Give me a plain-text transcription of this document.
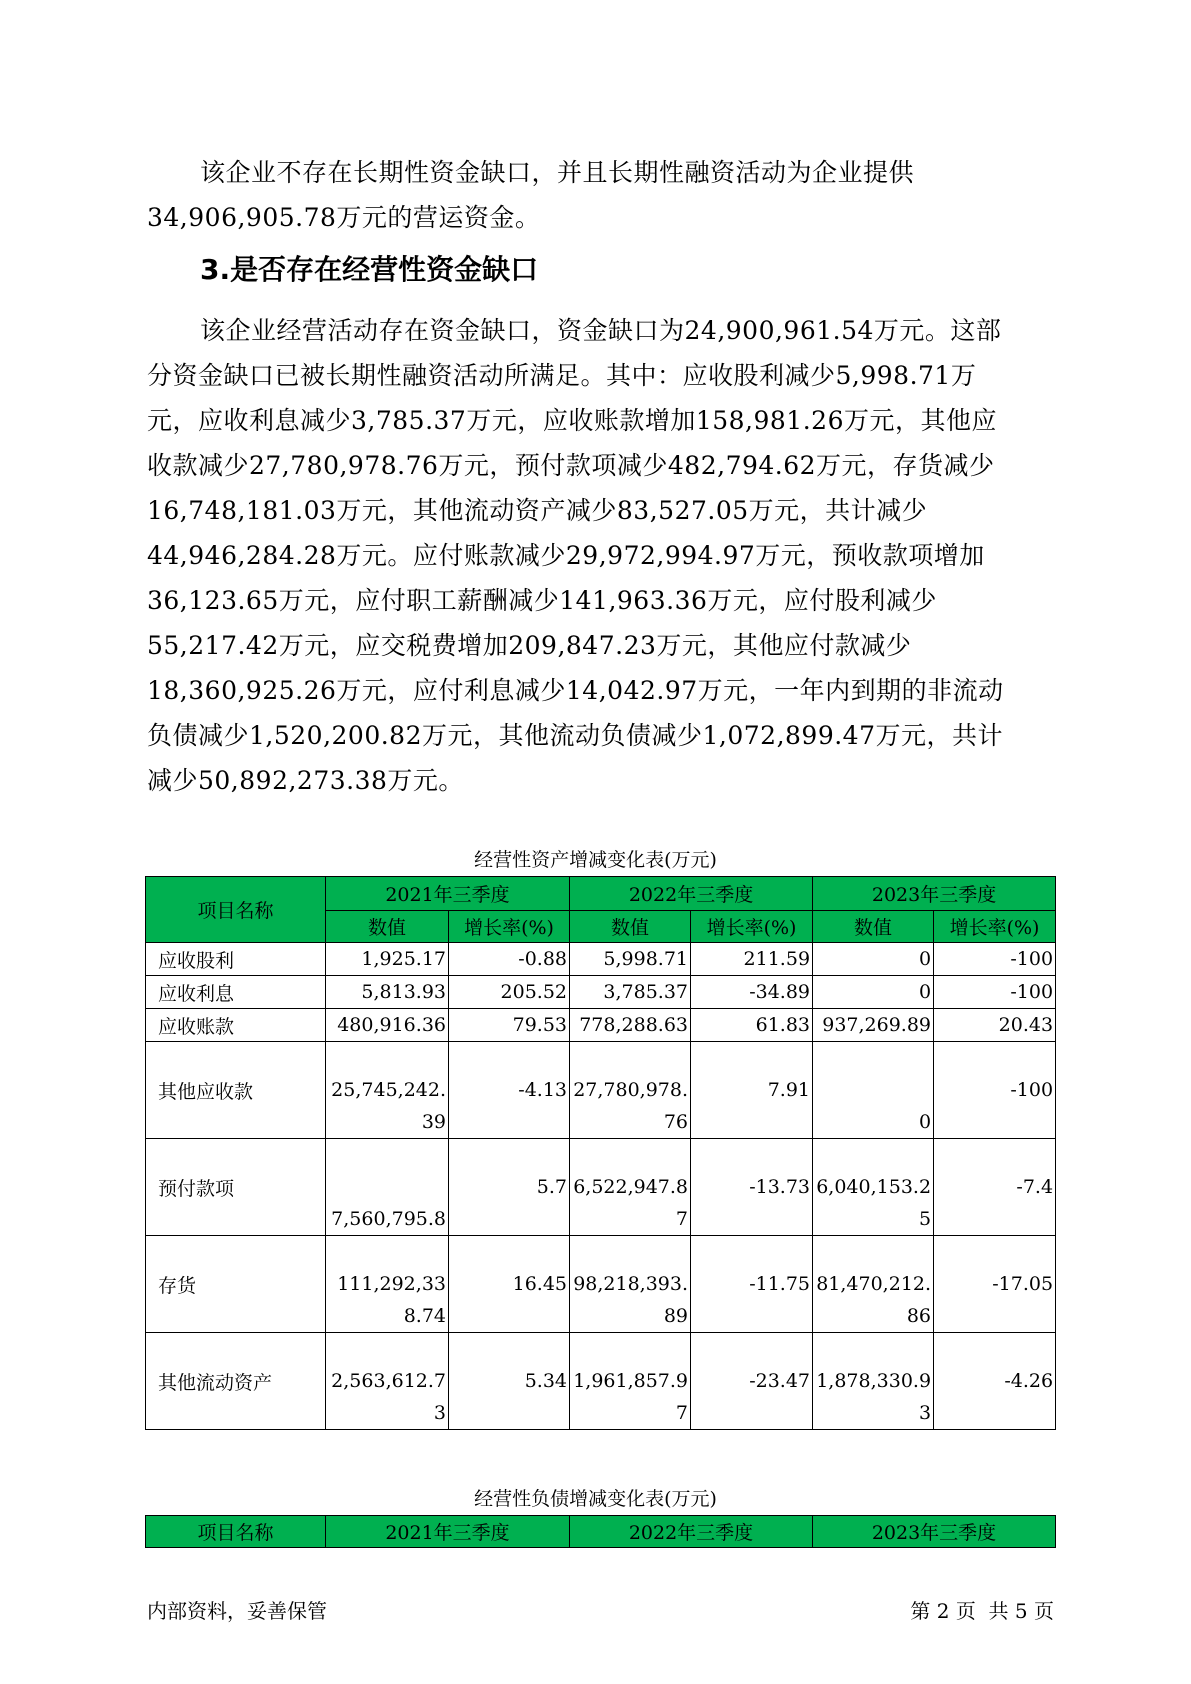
该企业不存在长期性资金缺口，并且长期性融资活动为企业提供
34,906,905.78万元的营运资金。

3.是否存在经营性资金缺口

该企业经营活动存在资金缺口，资金缺口为24,900,961.54万元。这部
分资金缺口已被长期性融资活动所满足。其中：应收股利减少5,998.71万
元，应收利息减少3,785.37万元，应收账款增加158,981.26万元，其他应
收款减少27,780,978.76万元，预付款项减少482,794.62万元，存货减少
16,748,181.03万元，其他流动资产减少83,527.05万元，共计减少
44,946,284.28万元。应付账款减少29,972,994.97万元，预收款项增加
36,123.65万元，应付职工薪酬减少141,963.36万元，应付股利减少
55,217.42万元，应交税费增加209,847.23万元，其他应付款减少
18,360,925.26万元，应付利息减少14,042.97万元，一年内到期的非流动
负债减少1,520,200.82万元，其他流动负债减少1,072,899.47万元，共计
减少50,892,273.38万元。

经营性资产增减变化表(万元)

项目名称	2021年三季度		2022年三季度		2023年三季度	
	数值	增长率(%)	数值	增长率(%)	数值	增长率(%)
应收股利	1,925.17	-0.88	5,998.71	211.59	0	-100
应收利息	5,813.93	205.52	3,785.37	-34.89	0	-100
应收账款	480,916.36	79.53	778,288.63	61.83	937,269.89	20.43
其他应收款	25,745,242.39	-4.13	27,780,978.76	7.91	0	-100
预付款项	7,560,795.8	5.7	6,522,947.87	-13.73	6,040,153.25	-7.4
存货	111,292,338.74	16.45	98,218,393.89	-11.75	81,470,212.86	-17.05
其他流动资产	2,563,612.73	5.34	1,961,857.97	-23.47	1,878,330.93	-4.26

经营性负债增减变化表(万元)

项目名称	2021年三季度	2022年三季度	2023年三季度

内部资料，妥善保管	第 2 页  共 5 页
